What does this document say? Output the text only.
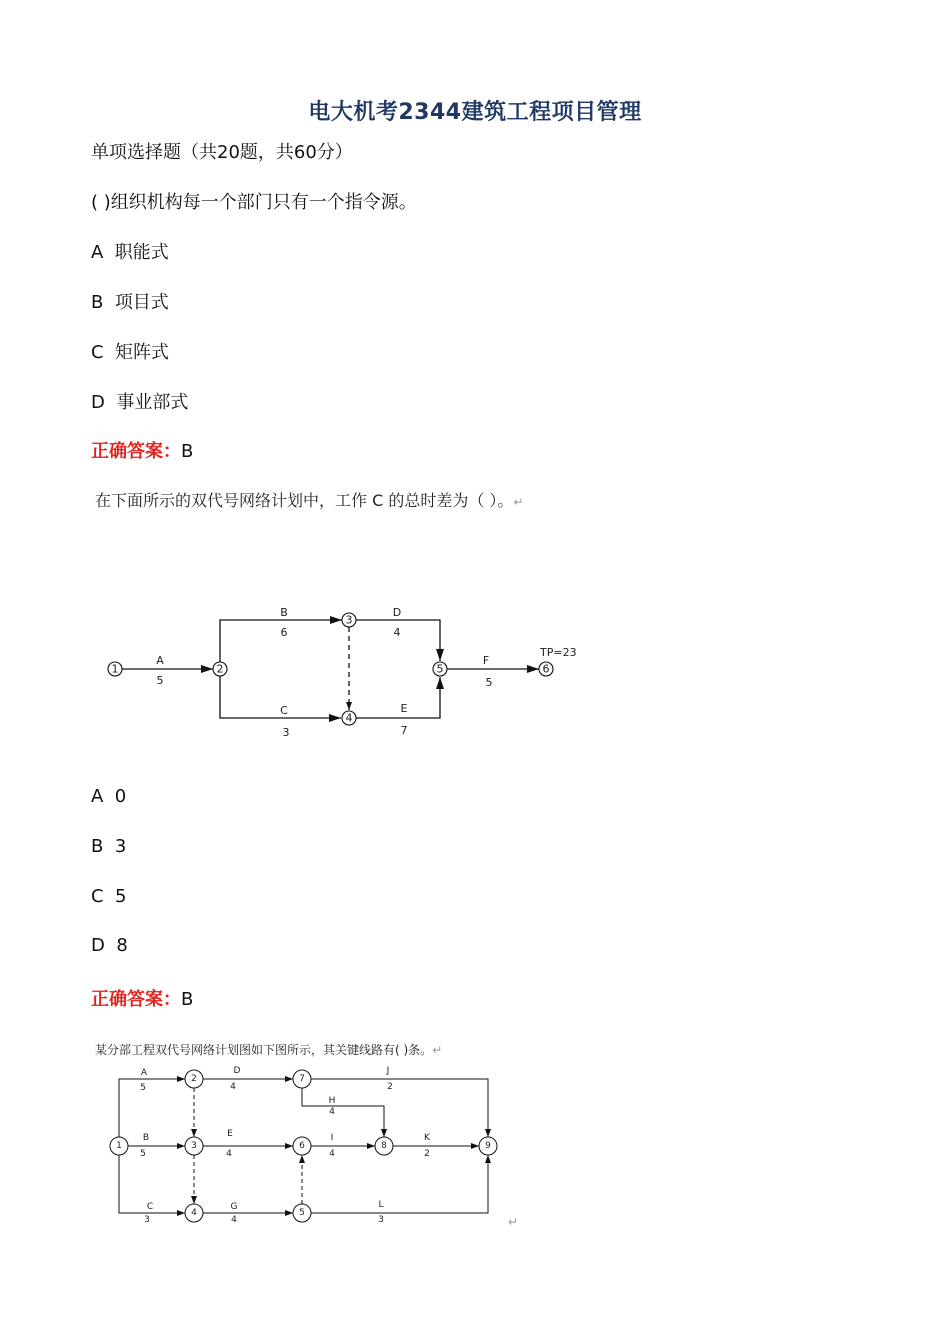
电大机考2344建筑工程项目管理
单项选择题（共20题，共60分）
( )组织机构每一个部门只有一个指令源。
A 职能式
B 项目式
C 矩阵式
D 事业部式
正确答案：B
在下面所示的双代号网络计划中，工作 C 的总时差为（ ）。↵
1	2
3
4
5	6
A
5
B
6
C
3
D
4
E
7
F
5
TP=23
A 0
B 3
C 5
D 8
正确答案：B
某分部工程双代号网络计划图如下图所示，其关键线路有( )条。↵
1
2
3
4	5
6
7
8	9
A
5
B
5
C
3
D
4
E
4
G
4
H
4
I
4
J
2
K
2
L
3	↵
